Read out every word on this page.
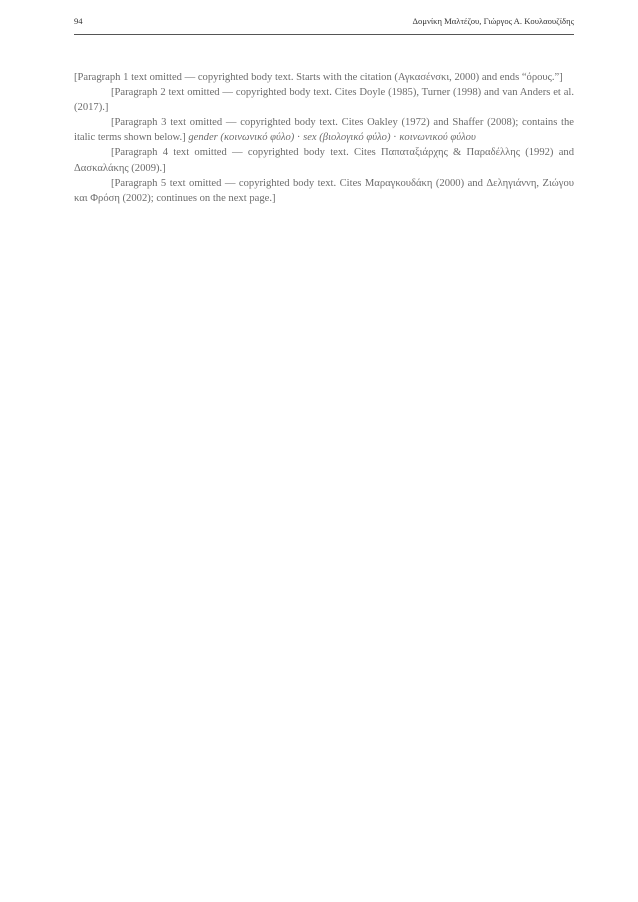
94	Δομνίκη Μαλτέζου, Γιώργος Α. Κουλαουζίδης

[Paragraph 1 text omitted — copyrighted body text. Starts with the citation (Αγκασένσκι, 2000) and ends “όρους.”]

[Paragraph 2 text omitted — copyrighted body text. Cites Doyle (1985), Turner (1998) and van Anders et al. (2017).]

[Paragraph 3 text omitted — copyrighted body text. Cites Oakley (1972) and Shaffer (2008); contains the italic terms shown below.] gender (κοινωνικό φύλο) · sex (βιολογικό φύλο) · κοινωνικού φύλου

[Paragraph 4 text omitted — copyrighted body text. Cites Παπαταξιάρχης & Παραδέλλης (1992) and Δασκαλάκης (2009).]

[Paragraph 5 text omitted — copyrighted body text. Cites Μαραγκουδάκη (2000) and Δεληγιάννη, Ζιώγου και Φρόση (2002); continues on the next page.]
